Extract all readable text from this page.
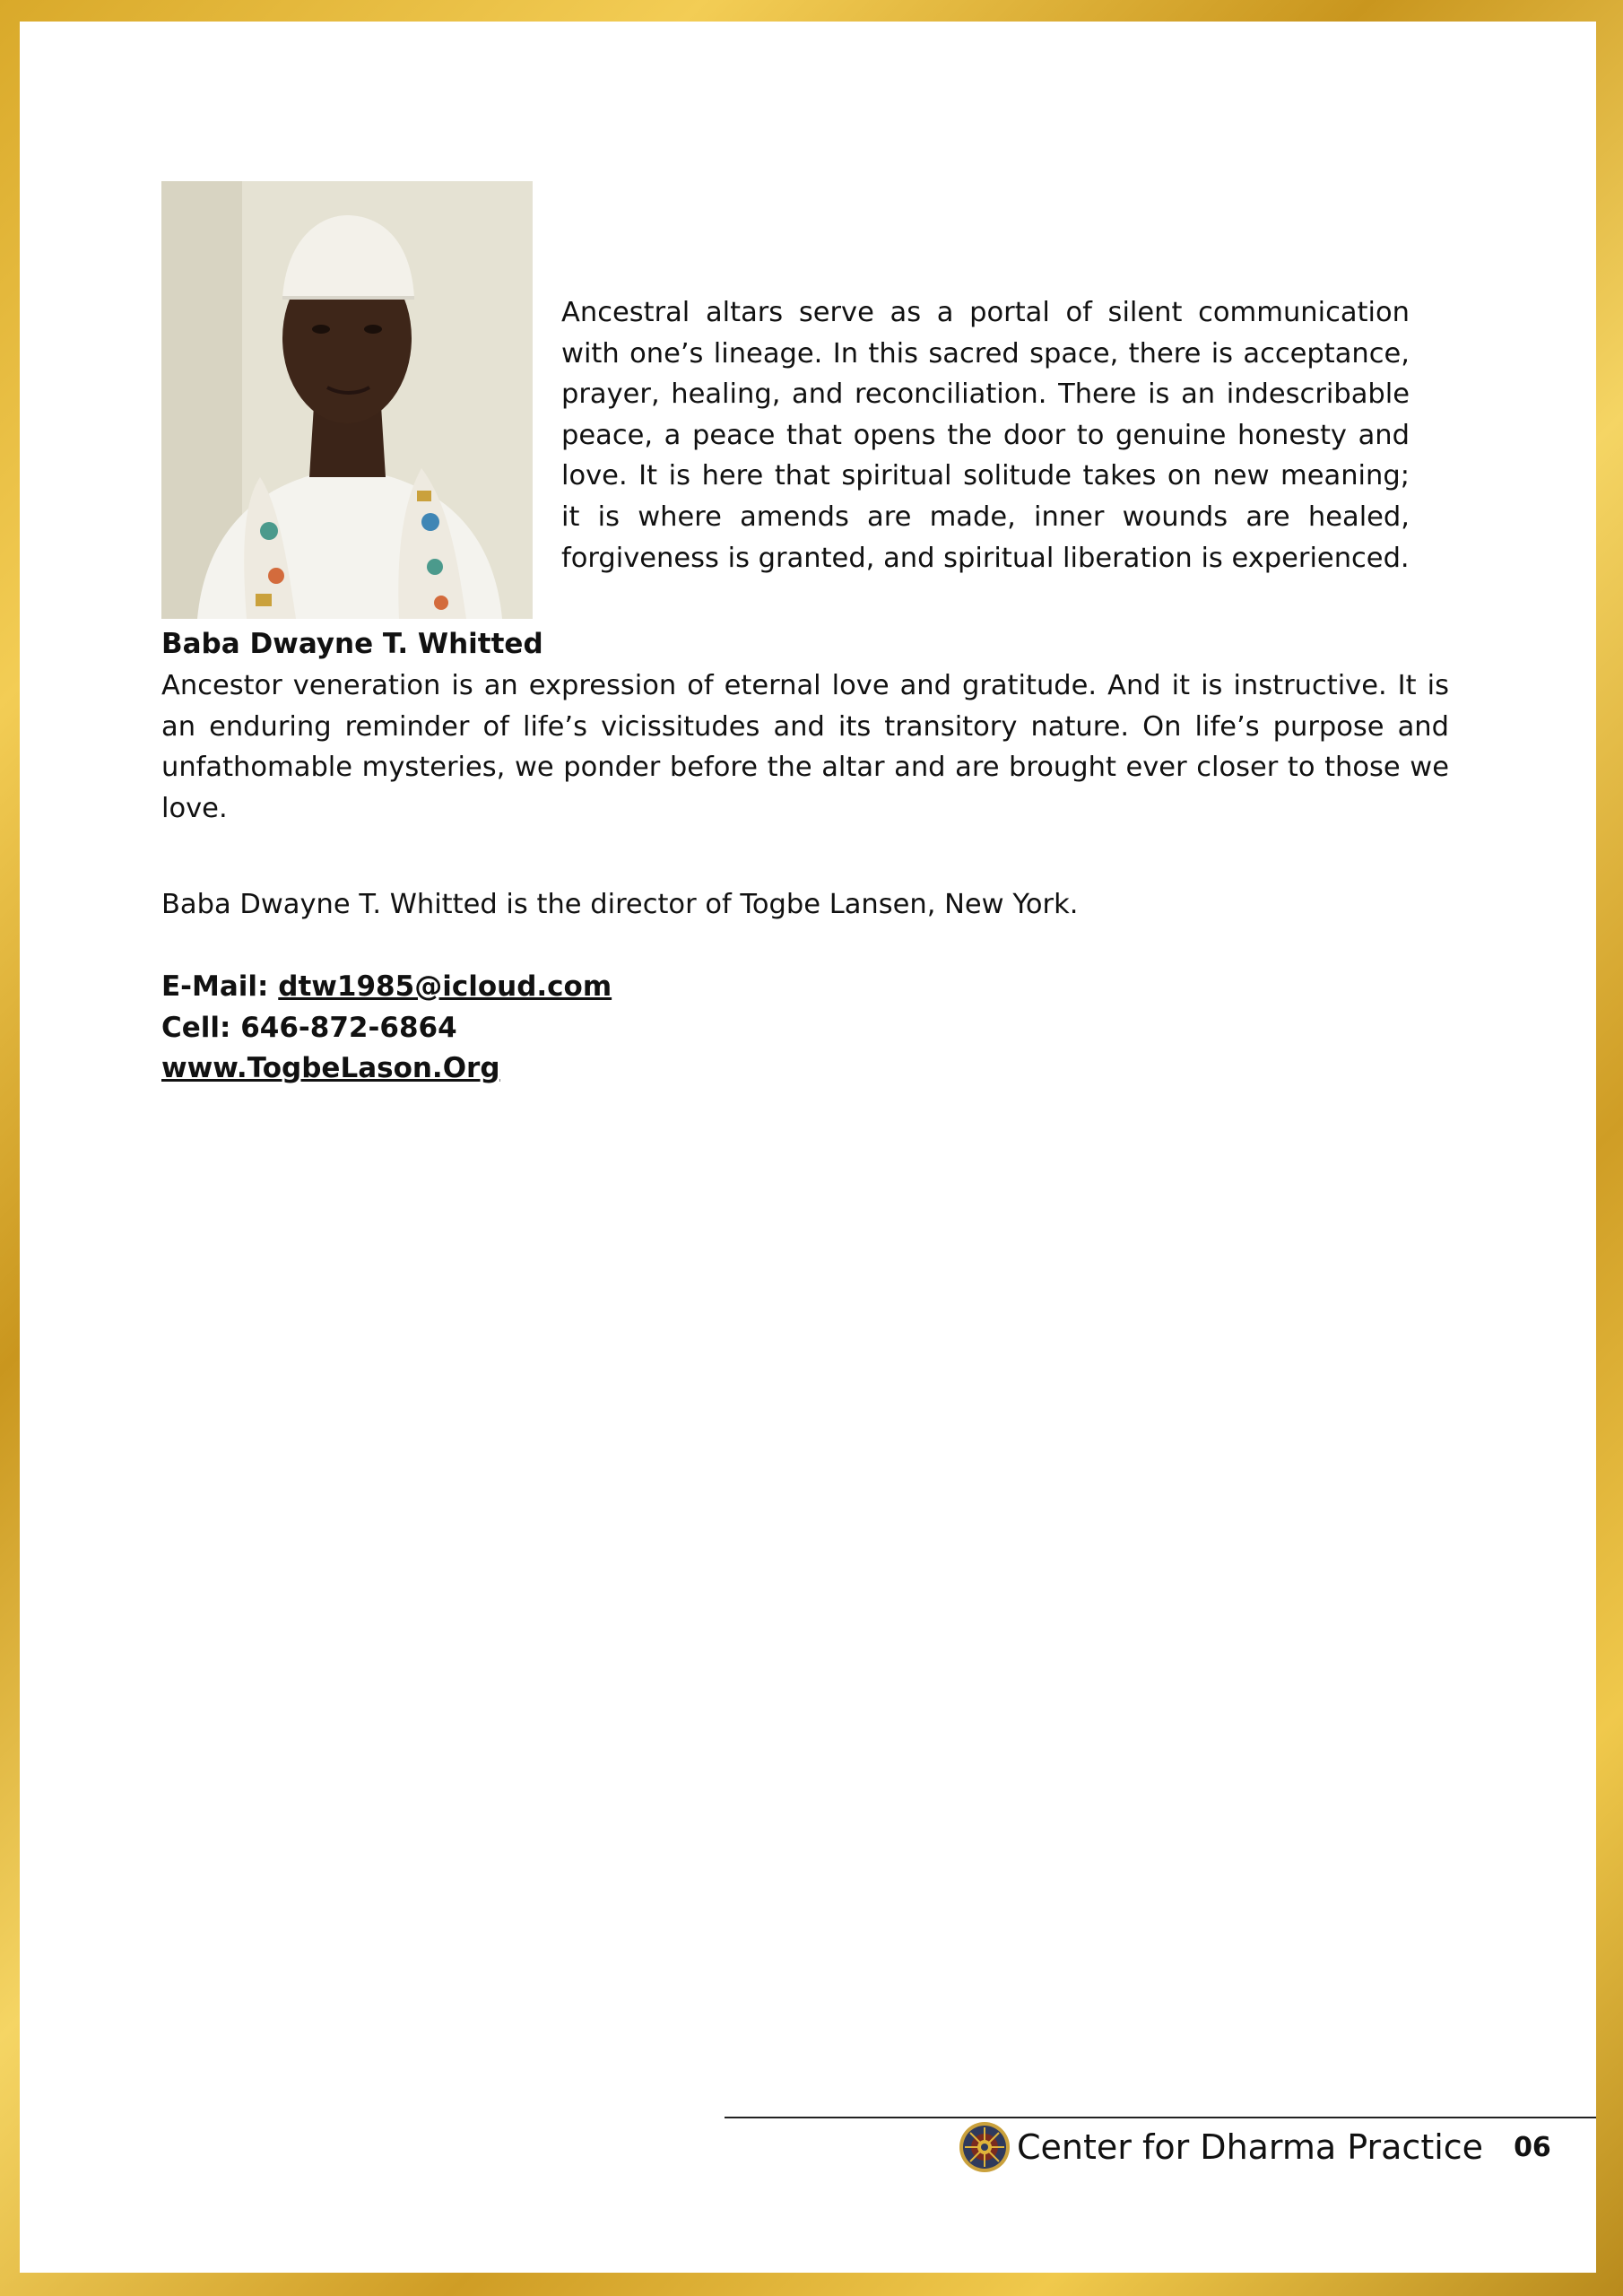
Ancestral altars serve as a portal of silent communication with one’s lineage. In this sacred space, there is acceptance, prayer, healing, and reconciliation. There is an indescribable peace, a peace that opens the door to genuine honesty and love. It is here that spiritual solitude takes on new meaning; it is where amends are made, inner wounds are healed, forgiveness is granted, and spiritual liberation is experienced.

Baba Dwayne T. Whitted

Ancestor veneration is an expression of eternal love and gratitude. And it is instructive. It is an enduring reminder of life’s vicissitudes and its transitory nature. On life’s purpose and unfathomable mysteries, we ponder before the altar and are brought ever closer to those we love.

Baba Dwayne T. Whitted is the director of Togbe Lansen, New York.

E-Mail: dtw1985@icloud.com
Cell: 646-872-6864
www.TogbeLason.Org
Center for Dharma Practice 06
